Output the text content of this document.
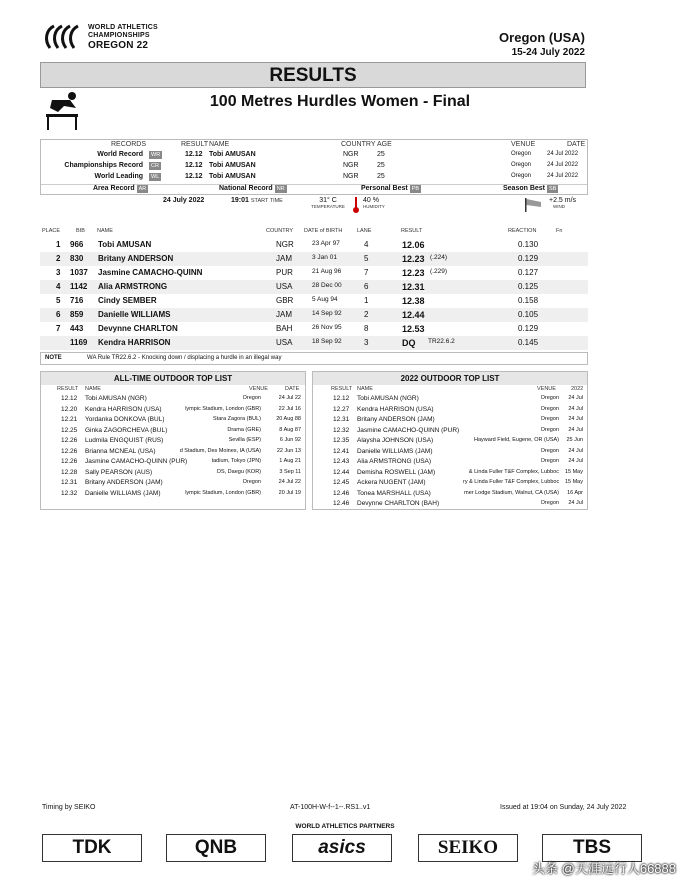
WORLD ATHLETICS
CHAMPIONSHIPS
OREGON 22
Oregon (USA)
15-24 July 2022
RESULTS
100 Metres Hurdles Women - Final
RECORDS	RESULT NAME	COUNTRY AGE	VENUE	DATE
World Record	12.12 Tobi AMUSAN	NGR	25	Oregon	24 Jul 2022
WR
Championships Record	12.12 Tobi AMUSAN	NGR	25	Oregon	24 Jul 2022
CR
World Leading	12.12 Tobi AMUSAN	NGR	25	Oregon	24 Jul 2022
WL
Area Record AR	National Record NR	Personal Best PB	Season Best SB
24 July 2022	19:01 START TIME	31° C
TEMPERATURE
40 %
HUMIDITY
+2.5 m/s
WIND
PLACE	BIB NAME	COUNTRY DATE of BIRTH	LANE	RESULT	REACTION	Fn
1 966 Tobi AMUSAN	NGR	23 Apr 97	4	12.06	0.130
2 830 Britany ANDERSON	JAM	3 Jan 01	5	12.23 (.224)	0.129
3 1037 Jasmine CAMACHO-QUINN	PUR	21 Aug 96	7	12.23 (.229)	0.127
4 1142 Alia ARMSTRONG	USA	28 Dec 00	6	12.31	0.125
5 716 Cindy SEMBER	GBR	5 Aug 94	1	12.38	0.158
6 859 Danielle WILLIAMS	JAM	14 Sep 92	2	12.44	0.105
7 443 Devynne CHARLTON	BAH	26 Nov 95	8	12.53	0.129
1169 Kendra HARRISON	USA	18 Sep 92	3	DQ TR22.6.2	0.145
NOTE	WA Rule TR22.6.2 - Knocking down / displacing a hurdle in an illegal way
ALL-TIME OUTDOOR TOP LIST
RESULT NAME	VENUE	DATE
12.12 Tobi AMUSAN (NGR)	Oregon	24 Jul 22
12.20 Kendra HARRISON (USA)	lympic Stadium, London (GBR)	22 Jul 16
12.21 Yordanka DONKOVA (BUL)	Stara Zagora (BUL)	20 Aug 88
12.25 Ginka ZAGORCHEVA (BUL)	Drama (GRE)	8 Aug 87
12.26 Ludmila ENGQUIST (RUS)	Sevilla (ESP)	6 Jun 92
12.26 Brianna MCNEAL (USA)	d Stadium, Des Moines, IA (USA)	22 Jun 13
12.26 Jasmine CAMACHO-QUINN (PUR)	tadium, Tokyo (JPN)	1 Aug 21
12.28 Sally PEARSON (AUS)	DS, Daegu (KOR)	3 Sep 11
12.31 Britany ANDERSON (JAM)	Oregon	24 Jul 22
12.32 Danielle WILLIAMS (JAM)	lympic Stadium, London (GBR)	20 Jul 19
2022 OUTDOOR TOP LIST
RESULT NAME	VENUE	2022
12.12 Tobi AMUSAN (NGR)	Oregon 24 Jul
12.27 Kendra HARRISON (USA)	Oregon 24 Jul
12.31 Britany ANDERSON (JAM)	Oregon 24 Jul
12.32 Jasmine CAMACHO-QUINN (PUR)	Oregon 24 Jul
12.35 Alaysha JOHNSON (USA)	Hayward Field, Eugene, OR (USA) 25 Jun
12.41 Danielle WILLIAMS (JAM)	Oregon 24 Jul
12.43 Alia ARMSTRONG (USA)	Oregon 24 Jul
12.44 Demisha ROSWELL (JAM)	& Linda Fuller T&F Complex, Lubboc 15 May
12.45 Ackera NUGENT (JAM)	ry & Linda Fuller T&F Complex, Lubboc 15 May
12.46 Tonea MARSHALL (USA)	mer Lodge Stadium, Walnut, CA (USA) 16 Apr
12.46 Devynne CHARLTON (BAH)	Oregon 24 Jul
Timing by SEIKO	AT-100H-W-f--1--.RS1..v1	Issued at 19:04 on Sunday, 24 July 2022
WORLD ATHLETICS PARTNERS
TDK	QNB	asics	SEIKO	TBS
头条 @天涯远行人66888
